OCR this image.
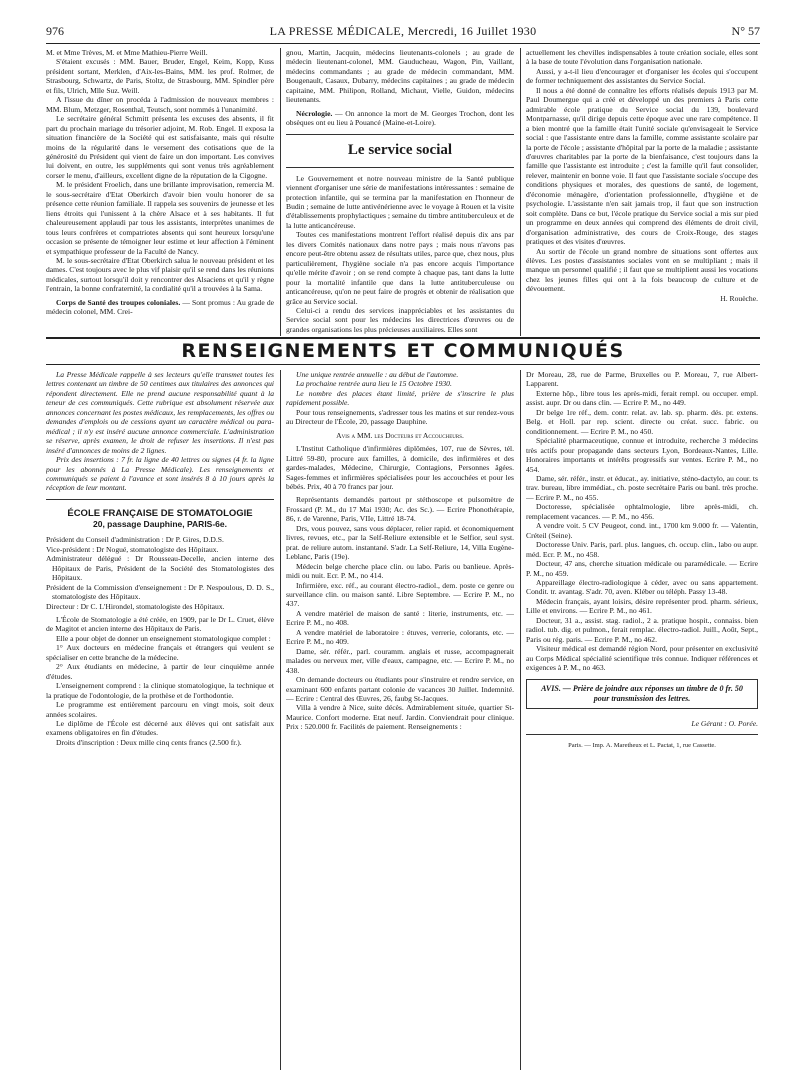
976	LA PRESSE MÉDICALE, Mercredi, 16 Juillet 1930	N° 57

M. et Mme Trèves, M. et Mme Mathieu-Pierre Weill.

S'étaient excusés : MM. Bauer, Bruder, Engel, Keim, Kopp, Kuss président sortant, Merklen, d'Aix-les-Bains, MM. les prof. Rolmer, de Strasbourg, Schwartz, de Paris, Stoltz, de Strasbourg, MM. Spindler père et fils, Ulrich, Mlle Suz. Weill.

A l'issue du dîner on procéda à l'admission de nouveaux membres : MM. Blum, Metzger, Rosenthal, Teutsch, sont nommés à l'unanimité.

Le secrétaire général Schmitt présenta les excuses des absents, il fit part du prochain mariage du trésorier adjoint, M. Rob. Engel. Il exposa la situation financière de la Société qui est satisfaisante, mais qui résulte moins de la régularité dans le versement des cotisations que de la générosité du Président qui vient de faire un don important. Les convives lui doivent, en outre, les suppléments qui sont venus très agréablement corser le menu, d'ailleurs, excellent digne de la réputation de la Cigogne.

M. le président Froelich, dans une brillante improvisation, remercia M. le sous-secrétaire d'Etat Oberkirch d'avoir bien voulu honorer de sa présence cette réunion familiale. Il rappela ses souvenirs de jeunesse et les liens étroits qui l'unissent à la chère Alsace et à ses habitants. Il fut chaleureusement applaudi par tous les assistants, interprètes unanimes de tous leurs confrères et compatriotes absents qui sont heureux lorsqu'une occasion se présente de témoigner leur estime et leur affection à l'éminent et sympathique professeur de la Faculté de Nancy.

M. le sous-secrétaire d'Etat Oberkirch salua le nouveau président et les dames. C'est toujours avec le plus vif plaisir qu'il se rend dans les réunions médicales, surtout lorsqu'il doit y rencontrer des Alsaciens et qu'il y règne l'entrain, la bonne confraternité, la cordialité qu'il a trouvées à la Sama.

Corps de Santé des troupes coloniales. — Sont promus : Au grade de médecin colonel, MM. Crei-

gnou, Martin, Jacquin, médecins lieutenants-colonels ; au grade de médecin lieutenant-colonel, MM. Gauducheau, Wagon, Pin, Vaillant, médecins commandants ; au grade de médecin commandant, MM. Bougenault, Casaux, Dubarry, médecins capitaines ; au grade de médecin capitaine, MM. Philipon, Rolland, Michaut, Vielle, Guidon, médecins lieutenants.

Nécrologie. — On annonce la mort de M. Georges Trochon, dont les obsèques ont eu lieu à Pouancé (Maine-et-Loire).

Le service social

Le Gouvernement et notre nouveau ministre de la Santé publique viennent d'organiser une série de manifestations intéressantes : semaine de protection infantile, qui se termina par la manifestation en l'honneur de Budin ; semaine de lutte antivénérienne avec le voyage à Rouen et la visite d'établissements prophylactiques ; semaine du timbre antituberculeux et de la lutte anticancéreuse.

Toutes ces manifestations montrent l'effort réalisé depuis dix ans par les divers Comités nationaux dans notre pays ; mais nous n'avons pas encore peut-être obtenu assez de résultats utiles, parce que, chez nous, plus particulièrement, l'hygiène sociale n'a pas encore acquis l'importance qu'elle mérite d'avoir ; on se rend compte à chaque pas, tant dans la lutte pour la mortalité infantile que dans la lutte antituberculeuse ou anticancéreuse, qu'on ne peut faire de progrès et obtenir de réalisation que grâce au Service social.

Celui-ci a rendu des services inappréciables et les assistantes du Service social sont pour les médecins les directrices d'œuvres ou de grandes organisations les plus précieuses auxiliaires. Elles sont

actuellement les chevilles indispensables à toute création sociale, elles sont à la base de toute l'évolution dans l'organisation nationale.

Aussi, y a-t-il lieu d'encourager et d'organiser les écoles qui s'occupent de former techniquement des assistantes du Service Social.

Il nous a été donné de connaître les efforts réalisés depuis 1913 par M. Paul Doumergue qui a créé et développé un des premiers à Paris cette admirable école pratique du Service social du 139, boulevard Montparnasse, qu'il dirige depuis cette époque avec une rare compétence. Il a bien montré que la famille était l'unité sociale qu'envisageait le Service social : que l'assistante entre dans la famille, comme assistante scolaire par la porte de l'école ; assistante d'hôpital par la porte de la maladie ; assistante d'œuvres charitables par la porte de la bienfaisance, c'est toujours dans la famille que l'assistante est introduite ; c'est la famille qu'il faut consolider, relever, maintenir en bonne voie. Il faut que l'assistante sociale s'occupe des conditions physiques et morales, des questions de santé, de logement, d'économie ménagère, d'orientation professionnelle, d'hygiène et de psychologie. L'assistante n'en sait jamais trop, il faut que son instruction soit complète. Dans ce but, l'école pratique du Service social a mis sur pied un programme en deux années qui comprend des éléments de droit civil, d'organisation administrative, des cours de Croix-Rouge, des stages pratiques et des visites d'œuvres.

Au sortir de l'école un grand nombre de situations sont offertes aux élèves. Les postes d'assistantes sociales vont en se multipliant ; mais il manque un personnel qualifié ; il faut que se multiplient aussi les vocations chez les jeunes filles qui ont à la fois beaucoup de culture et de dévouement.

H. Rouèche.
RENSEIGNEMENTS ET COMMUNIQUÉS

La Presse Médicale rappelle à ses lecteurs qu'elle transmet toutes les lettres contenant un timbre de 50 centimes aux titulaires des annonces qui répondent directement. Elle ne prend aucune responsabilité quant à la teneur de ces communiqués. Cette rubrique est absolument réservée aux annonces concernant les postes médicaux, les remplacements, les offres ou demandes d'emplois ou de cessions ayant un caractère médical ou para-médical ; il n'y est inséré aucune annonce commerciale. L'administration se réserve, après examen, le droit de refuser les insertions. Il n'est pas inséré d'annonces de moins de 2 lignes.

Prix des insertions : 7 fr. la ligne de 40 lettres ou signes (4 fr. la ligne pour les abonnés à La Presse Médicale). Les renseignements et communiqués se paient à l'avance et sont insérés 8 à 10 jours après la réception de leur montant.

ÉCOLE FRANÇAISE DE STOMATOLOGIE
20, passage Dauphine, PARIS-6e.

Président du Conseil d'administration : Dr P. Gires, D.D.S.

Vice-président : Dr Nogué, stomatologiste des Hôpitaux.

Administrateur délégué : Dr Rousseau-Decelle, ancien interne des Hôpitaux de Paris, Président de la Société des Stomatologistes des Hôpitaux.

Président de la Commission d'enseignement : Dr P. Nespoulous, D. D. S., stomatologiste des Hôpitaux.

Directeur : Dr C. L'Hirondel, stomatologiste des Hôpitaux.

L'École de Stomatologie a été créée, en 1909, par le Dr L. Cruet, élève de Magitot et ancien interne des Hôpitaux de Paris.

Elle a pour objet de donner un enseignement stomatologique complet :

1° Aux docteurs en médecine français et étrangers qui veulent se spécialiser en cette branche de la médecine.

2° Aux étudiants en médecine, à partir de leur cinquième année d'études.

L'enseignement comprend : la clinique stomatologique, la technique et la pratique de l'odontologie, de la prothèse et de l'orthodontie.

Le programme est entièrement parcouru en vingt mois, soit deux années scolaires.

Le diplôme de l'École est décerné aux élèves qui ont satisfait aux examens obligatoires en fin d'études.

Droits d'inscription : Deux mille cinq cents francs (2.500 fr.).

Une unique rentrée annuelle : au début de l'automne.

La prochaine rentrée aura lieu le 15 Octobre 1930.

Le nombre des places étant limité, prière de s'inscrire le plus rapidement possible.

Pour tous renseignements, s'adresser tous les matins et sur rendez-vous au Directeur de l'École, 20, passage Dauphine.

Avis a MM. les Docteurs et Accoucheurs.

L'Institut Catholique d'infirmières diplômées, 107, rue de Sèvres, tél. Littré 59-80, procure aux familles, à domicile, des infirmières et des gardes-malades, Médecine, Chirurgie, Contagions, Personnes âgées. Sages-femmes et infirmières spécialisées pour les accouchées et pour les bébés. Prix, 40 à 70 francs par jour.

Représentants demandés partout pr stéthoscope et pulsomètre de Frossard (P. M., du 17 Mai 1930; Ac. des Sc.). — Ecrire Phonothérapie, 86, r. de Varenne, Paris, VIIe, Littré 18-74.

Drs, vous pouvez, sans vous déplacer, relier rapid. et économiquement livres, revues, etc., par la Self-Reliure extensible et le Selfior, seul syst. prat. de reliure autom. instantané. S'adr. La Self-Reliure, 14, Villa Eugène-Leblanc, Paris (19e).

Médecin belge cherche place clin. ou labo. Paris ou banlieue. Après-midi ou nuit. Ecr. P. M., no 414.

Infirmière, exc. réf., au courant électro-radiol., dem. poste ce genre ou surveillance clin. ou maison santé. Libre Septembre. — Ecrire P. M., no 437.

A vendre matériel de maison de santé : literie, instruments, etc. — Ecrire P. M., no 408.

A vendre matériel de laboratoire : étuves, verrerie, colorants, etc. — Ecrire P. M., no 409.

Dame, sér. référ., parl. couramm. anglais et russe, accompagnerait malades ou nerveux mer, ville d'eaux, campagne, etc. — Ecrire P. M., no 438.

On demande docteurs ou étudiants pour s'instruire et rendre service, en examinant 600 enfants partant colonie de vacances 30 Juillet. Indemnité. — Ecrire : Central des Œuvres, 26, faubg St-Jacques.

Villa à vendre à Nice, suite décès. Admirablement située, quartier St-Maurice. Confort moderne. Etat neuf. Jardin. Conviendrait pour clinique. Prix : 520.000 fr. Facilités de paiement. Renseignements :

Dr Moreau, 28, rue de Parme, Bruxelles ou P. Moreau, 7, rue Albert-Lapparent.

Externe hôp., libre tous les après-midi, ferait rempl. ou occuper. empl. assist. aupr. Dr ou dans clin. — Ecrire P. M., no 449.

Dr belge 1re réf., dem. contr. relat. av. lab. sp. pharm. dés. pr. extens. Belg. et Holl. par rep. scient. directe ou créat. succ. fabric. ou conditionnement. — Ecrire P. M., no 450.

Spécialité pharmaceutique, connue et introduite, recherche 3 médecins très actifs pour propagande dans secteurs Lyon, Bordeaux-Nantes, Lille. Honoraires importants et intérêts progressifs sur ventes. Ecrire P. M., no 454.

Dame, sér. référ., instr. et éducat., ay. initiative, sténo-dactylo, au cour. ts trav. bureau, libre immédiat., ch. poste secrétaire Paris ou banl. très proche. — Ecrire P. M., no 455.

Doctoresse, spécialisée ophtalmologie, libre après-midi, ch. remplacement vacances. — P. M., no 456.

A vendre voit. 5 CV Peugeot, cond. int., 1700 km 9.000 fr. — Valentin, Créteil (Seine).

Doctoresse Univ. Paris, parl. plus. langues, ch. occup. clin., labo ou aupr. méd. Ecr. P. M., no 458.

Docteur, 47 ans, cherche situation médicale ou paramédicale. — Ecrire P. M., no 459.

Appareillage électro-radiologique à céder, avec ou sans appartement. Condit. tr. avantag. S'adr. 70, aven. Kléber ou téléph. Passy 13-48.

Médecin français, ayant loisirs, désire représenter prod. pharm. sérieux, Lille et environs. — Ecrire P. M., no 461.

Docteur, 31 a., assist. stag. radiol., 2 a. pratique hospit., connaiss. bien radiol. tub. dig. et pulmon., ferait remplac. électro-radiol. Juill., Août, Sept., Paris ou rég. paris. — Ecrire P. M., no 462.

Visiteur médical est demandé région Nord, pour présenter en exclusivité au Corps Médical spécialité scientifique très connue. Indiquer références et exigences à P. M., no 463.

AVIS. — Prière de joindre aux réponses un timbre de 0 fr. 50 pour transmission des lettres.
Le Gérant : O. Porée.
Paris. — Imp. A. Maretheux et L. Pactat, 1, rue Cassette.
